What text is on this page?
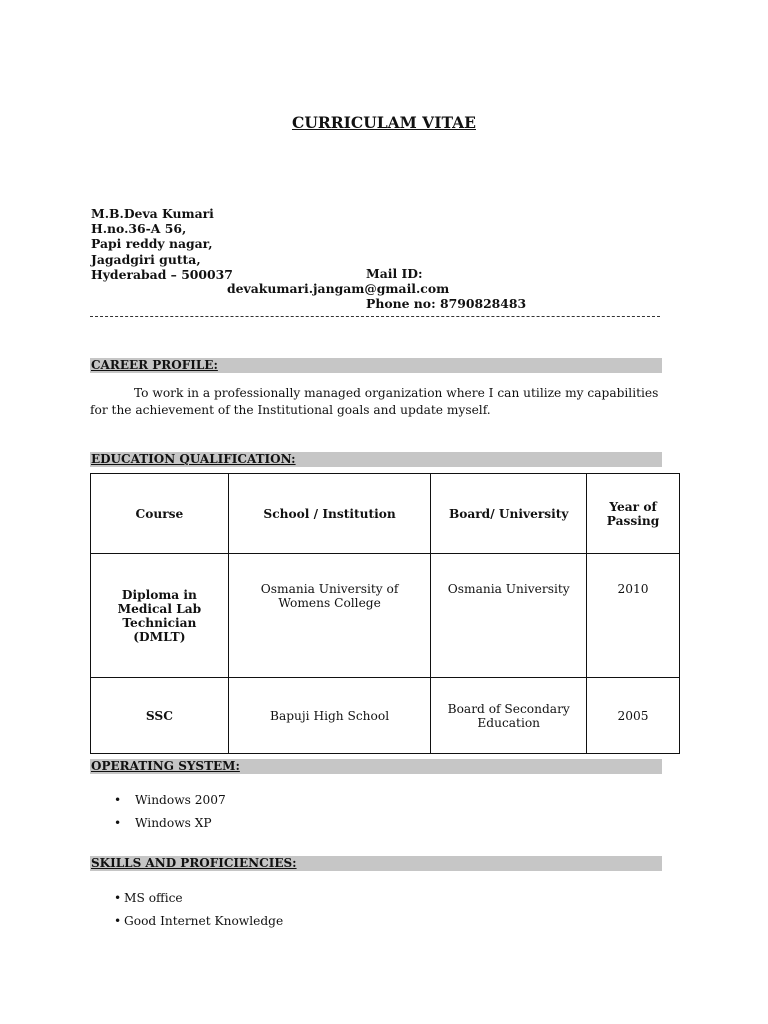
CURRICULAM VITAE
M.B.Deva Kumari
H.no.36-A 56,
Papi reddy nagar,
Jagadgiri gutta,
Hyderabad – 500037	Mail ID:
devakumari.jangam@gmail.com
Phone no: 8790828483
CAREER PROFILE:
To work in a professionally managed organization where I can utilize my capabilities for the achievement of the Institutional goals and update myself.
EDUCATION QUALIFICATION:
Course	School / Institution	Board/ University	Year of Passing
Diploma in Medical Lab Technician (DMLT)	Osmania University of Womens College	Osmania University	2010
SSC	Bapuji High School	Board of Secondary Education	2005
OPERATING SYSTEM:
• Windows 2007
• Windows XP
SKILLS AND PROFICIENCIES:
• MS office
• Good Internet Knowledge
